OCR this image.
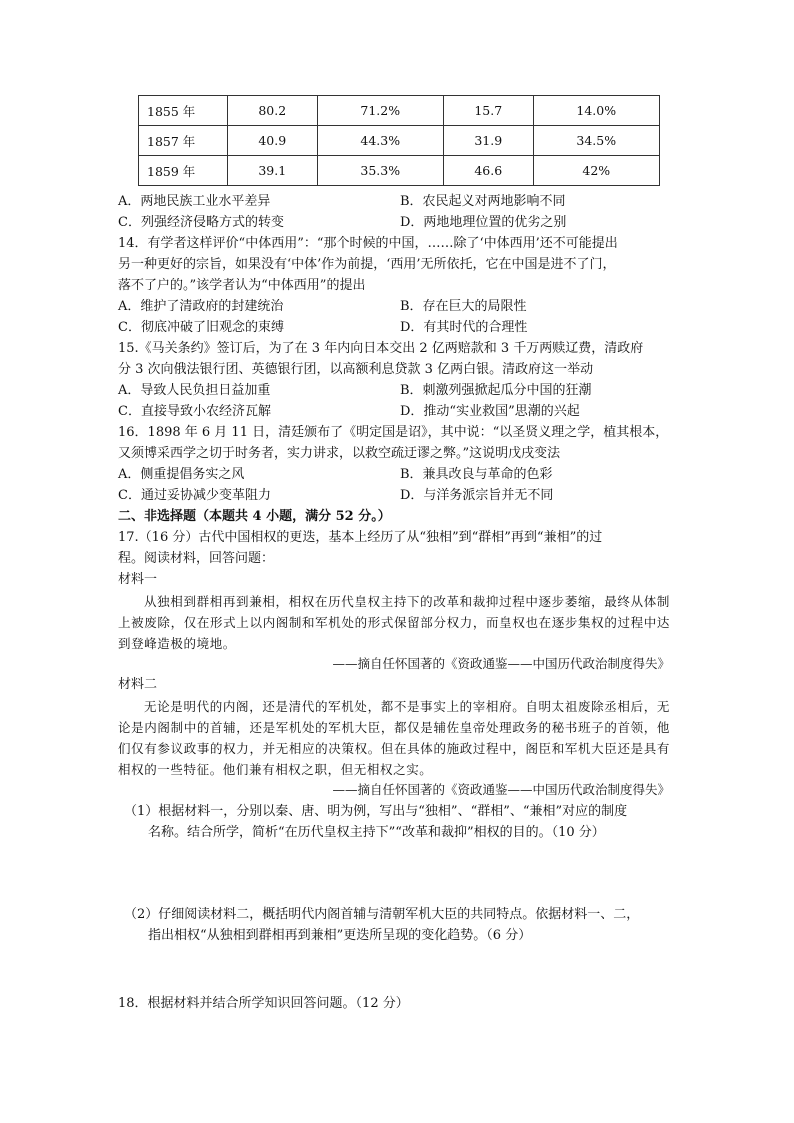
1855 年	80.2	71.2%	15.7	14.0%
1857 年	40.9	44.3%	31.9	34.5%
1859 年	39.1	35.3%	46.6	42%
A．两地民族工业水平差异	B．农民起义对两地影响不同
C．列强经济侵略方式的转变	D．两地地理位置的优劣之别
14．有学者这样评价“中体西用”：“那个时候的中国，……除了‘中体西用’还不可能提出
另一种更好的宗旨，如果没有‘中体’作为前提，‘西用’无所依托，它在中国是进不了门，
落不了户的。”该学者认为“中体西用”的提出
A．维护了清政府的封建统治	B．存在巨大的局限性
C．彻底冲破了旧观念的束缚	D．有其时代的合理性
15.《马关条约》签订后，为了在 3 年内向日本交出 2 亿两赔款和 3 千万两赎辽费，清政府
分 3 次向俄法银行团、英德银行团，以高额利息贷款 3 亿两白银。清政府这一举动
A．导致人民负担日益加重	B．刺激列强掀起瓜分中国的狂潮
C．直接导致小农经济瓦解	D．推动“实业救国”思潮的兴起
16．1898 年 6 月 11 日，清廷颁布了《明定国是诏》，其中说：“以圣贤义理之学，植其根本，
又须博采西学之切于时务者，实力讲求，以救空疏迂谬之弊。”这说明戊戌变法
A．侧重提倡务实之风	B．兼具改良与革命的色彩
C．通过妥协减少变革阻力	D．与洋务派宗旨并无不同
二、非选择题（本题共 4 小题，满分 52 分。）
17.（16 分）古代中国相权的更迭，基本上经历了从“独相”到“群相”再到“兼相”的过
程。阅读材料，回答问题：
材料一
从独相到群相再到兼相，相权在历代皇权主持下的改革和裁抑过程中逐步萎缩，最终从体制上被废除，仅在形式上以内阁制和军机处的形式保留部分权力，而皇权也在逐步集权的过程中达到登峰造极的境地。
——摘自任怀国著的《资政通鉴——中国历代政治制度得失》
材料二
无论是明代的内阁，还是清代的军机处，都不是事实上的宰相府。自明太祖废除丞相后，无论是内阁制中的首辅，还是军机处的军机大臣，都仅是辅佐皇帝处理政务的秘书班子的首领，他们仅有参议政事的权力，并无相应的决策权。但在具体的施政过程中，阁臣和军机大臣还是具有相权的一些特征。他们兼有相权之职，但无相权之实。
——摘自任怀国著的《资政通鉴——中国历代政治制度得失》
（1）根据材料一，分别以秦、唐、明为例，写出与“独相”、“群相”、“兼相”对应的制度
名称。结合所学，简析“在历代皇权主持下”“改革和裁抑”相权的目的。（10 分）
（2）仔细阅读材料二，概括明代内阁首辅与清朝军机大臣的共同特点。依据材料一、二，
指出相权“从独相到群相再到兼相”更迭所呈现的变化趋势。（6 分）
18．根据材料并结合所学知识回答问题。（12 分）
